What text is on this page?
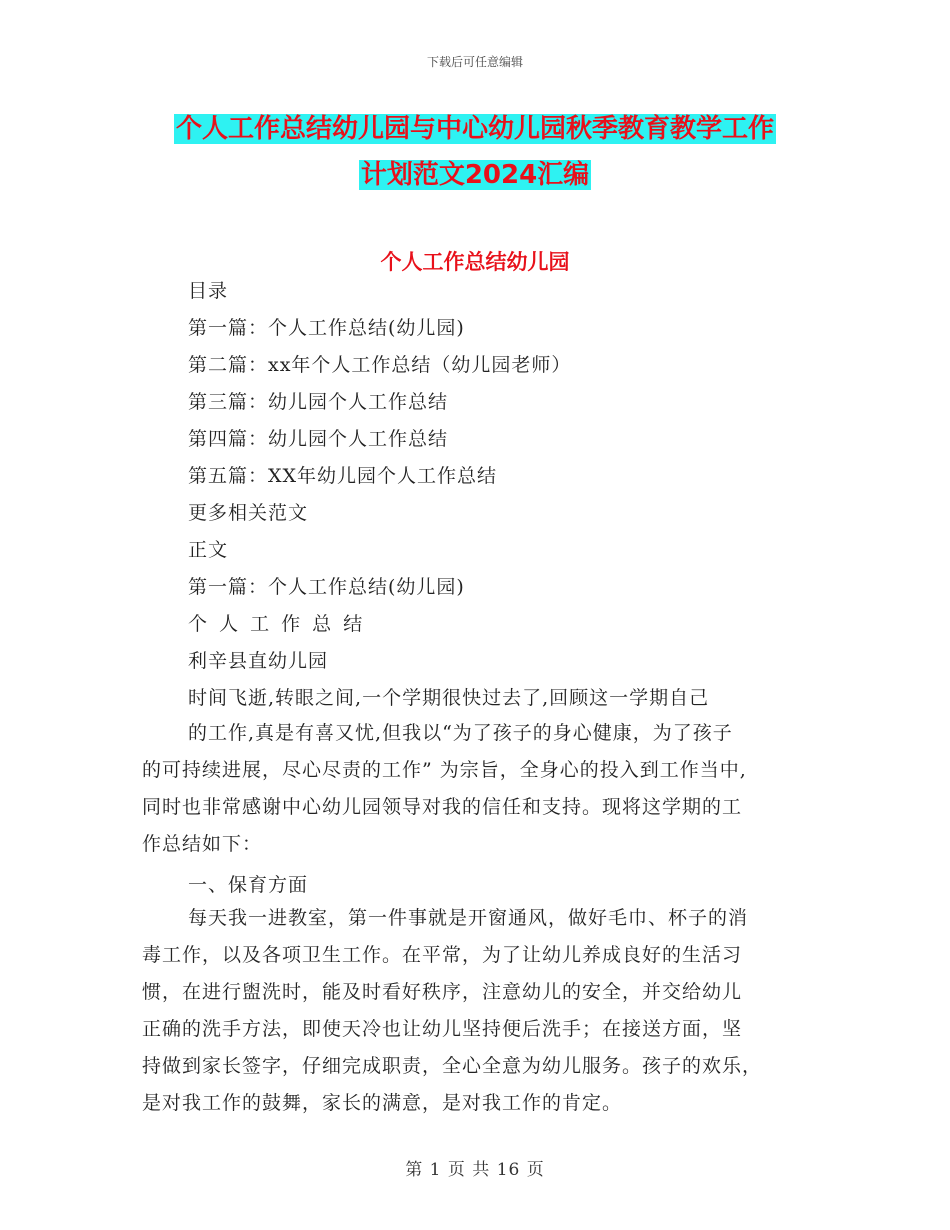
下载后可任意编辑
个人工作总结幼儿园与中心幼儿园秋季教育教学工作
计划范文2024汇编
个人工作总结幼儿园
目录
第一篇：个人工作总结(幼儿园)
第二篇：xx年个人工作总结（幼儿园老师）
第三篇：幼儿园个人工作总结
第四篇：幼儿园个人工作总结
第五篇：XX年幼儿园个人工作总结
更多相关范文
正文
第一篇：个人工作总结(幼儿园)
个 人 工 作 总 结
利辛县直幼儿园
时间飞逝,转眼之间,一个学期很快过去了,回顾这一学期自己

的工作,真是有喜又忧,但我以“为了孩子的身心健康，为了孩子

的可持续进展，尽心尽责的工作” 为宗旨，全身心的投入到工作当中,

同时也非常感谢中心幼儿园领导对我的信任和支持。现将这学期的工

作总结如下：

一、保育方面

每天我一进教室，第一件事就是开窗通风，做好毛巾、杯子的消

毒工作，以及各项卫生工作。在平常，为了让幼儿养成良好的生活习

惯，在进行盥洗时，能及时看好秩序，注意幼儿的安全，并交给幼儿

正确的洗手方法，即使天冷也让幼儿坚持便后洗手；在接送方面，坚

持做到家长签字，仔细完成职责，全心全意为幼儿服务。孩子的欢乐，

是对我工作的鼓舞，家长的满意，是对我工作的肯定。

第 1 页 共 16 页
